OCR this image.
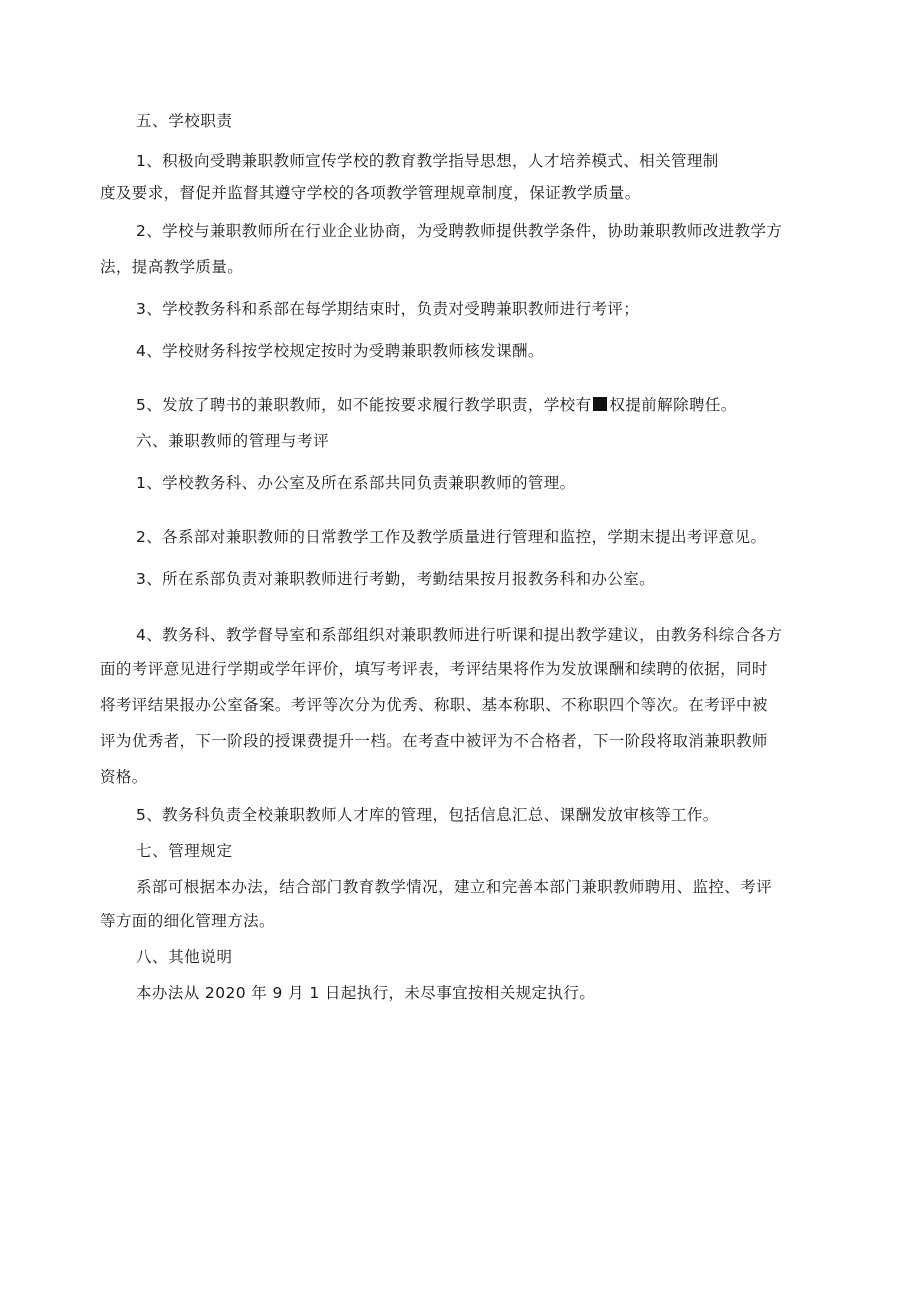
五、学校职责
1、积极向受聘兼职教师宣传学校的教育教学指导思想，人才培养模式、相关管理制
度及要求，督促并监督其遵守学校的各项教学管理规章制度，保证教学质量。
2、学校与兼职教师所在行业企业协商，为受聘教师提供教学条件，协助兼职教师改进教学方
法，提高教学质量。
3、学校教务科和系部在每学期结束时，负责对受聘兼职教师进行考评；
4、学校财务科按学校规定按时为受聘兼职教师核发课酬。
5、发放了聘书的兼职教师，如不能按要求履行教学职责，学校有 权提前解除聘任。
六、兼职教师的管理与考评
1、学校教务科、办公室及所在系部共同负责兼职教师的管理。
2、各系部对兼职教师的日常教学工作及教学质量进行管理和监控，学期末提出考评意见。
3、所在系部负责对兼职教师进行考勤，考勤结果按月报教务科和办公室。
4、教务科、教学督导室和系部组织对兼职教师进行听课和提出教学建议，由教务科综合各方
面的考评意见进行学期或学年评价，填写考评表，考评结果将作为发放课酬和续聘的依据，同时
将考评结果报办公室备案。考评等次分为优秀、称职、基本称职、不称职四个等次。在考评中被
评为优秀者，下一阶段的授课费提升一档。在考查中被评为不合格者，下一阶段将取消兼职教师
资格。
5、教务科负责全校兼职教师人才库的管理，包括信息汇总、课酬发放审核等工作。
七、管理规定
系部可根据本办法，结合部门教育教学情况，建立和完善本部门兼职教师聘用、监控、考评
等方面的细化管理方法。
八、其他说明
本办法从 2020 年 9 月 1 日起执行，未尽事宜按相关规定执行。
